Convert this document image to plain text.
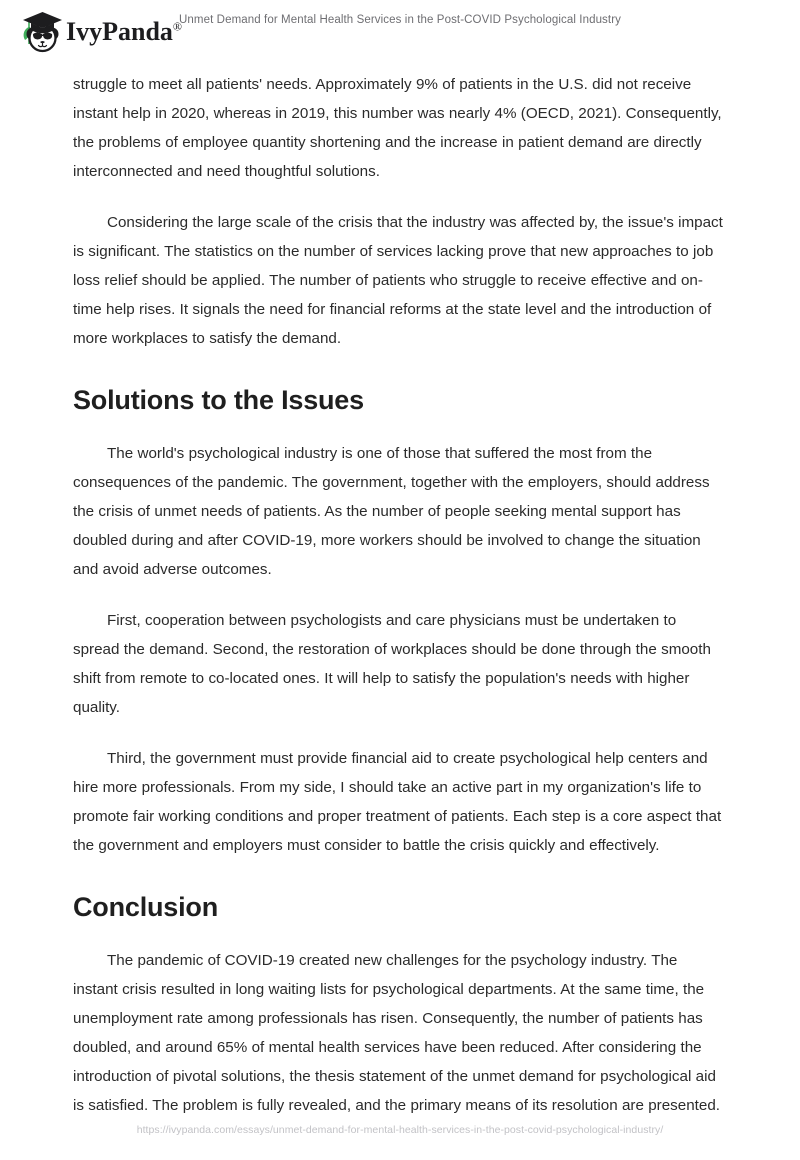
IvyPanda®
Unmet Demand for Mental Health Services in the Post-COVID Psychological Industry

struggle to meet all patients' needs. Approximately 9% of patients in the U.S. did not receive instant help in 2020, whereas in 2019, this number was nearly 4% (OECD, 2021). Consequently, the problems of employee quantity shortening and the increase in patient demand are directly interconnected and need thoughtful solutions.

Considering the large scale of the crisis that the industry was affected by, the issue's impact is significant. The statistics on the number of services lacking prove that new approaches to job loss relief should be applied. The number of patients who struggle to receive effective and on-time help rises. It signals the need for financial reforms at the state level and the introduction of more workplaces to satisfy the demand.

Solutions to the Issues

The world's psychological industry is one of those that suffered the most from the consequences of the pandemic. The government, together with the employers, should address the crisis of unmet needs of patients. As the number of people seeking mental support has doubled during and after COVID-19, more workers should be involved to change the situation and avoid adverse outcomes.

First, cooperation between psychologists and care physicians must be undertaken to spread the demand. Second, the restoration of workplaces should be done through the smooth shift from remote to co-located ones. It will help to satisfy the population's needs with higher quality.

Third, the government must provide financial aid to create psychological help centers and hire more professionals. From my side, I should take an active part in my organization's life to promote fair working conditions and proper treatment of patients. Each step is a core aspect that the government and employers must consider to battle the crisis quickly and effectively.

Conclusion

The pandemic of COVID-19 created new challenges for the psychology industry. The instant crisis resulted in long waiting lists for psychological departments. At the same time, the unemployment rate among professionals has risen. Consequently, the number of patients has doubled, and around 65% of mental health services have been reduced. After considering the introduction of pivotal solutions, the thesis statement of the unmet demand for psychological aid is satisfied. The problem is fully revealed, and the primary means of its resolution are presented.

https://ivypanda.com/essays/unmet-demand-for-mental-health-services-in-the-post-covid-psychological-industry/
